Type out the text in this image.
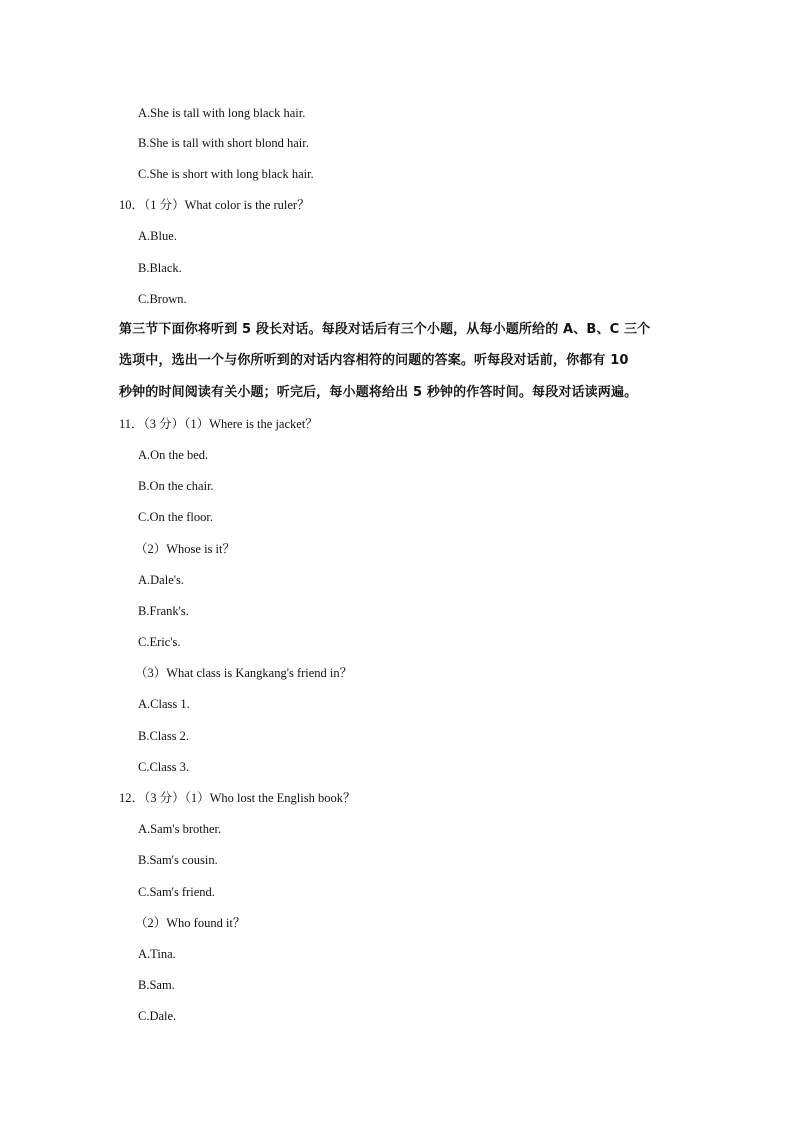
A.She is tall with long black hair.
B.She is tall with short blond hair.
C.She is short with long black hair.
10．（1 分）What color is the ruler？
A.Blue.
B.Black.
C.Brown.
第三节下面你将听到 5 段长对话。每段对话后有三个小题，从每小题所给的 A、B、C 三个
选项中，选出一个与你所听到的对话内容相符的问题的答案。听每段对话前，你都有 10
秒钟的时间阅读有关小题；听完后，每小题将给出 5 秒钟的作答时间。每段对话读两遍。
11．（3 分）（1）Where is the jacket？
A.On the bed.
B.On the chair.
C.On the floor.
（2）Whose is it？
A.Dale's.
B.Frank's.
C.Eric's.
（3）What class is Kangkang's friend in？
A.Class 1.
B.Class 2.
C.Class 3.
12．（3 分）（1）Who lost the English book？
A.Sam's brother.
B.Sam's cousin.
C.Sam's friend.
（2）Who found it？
A.Tina.
B.Sam.
C.Dale.
